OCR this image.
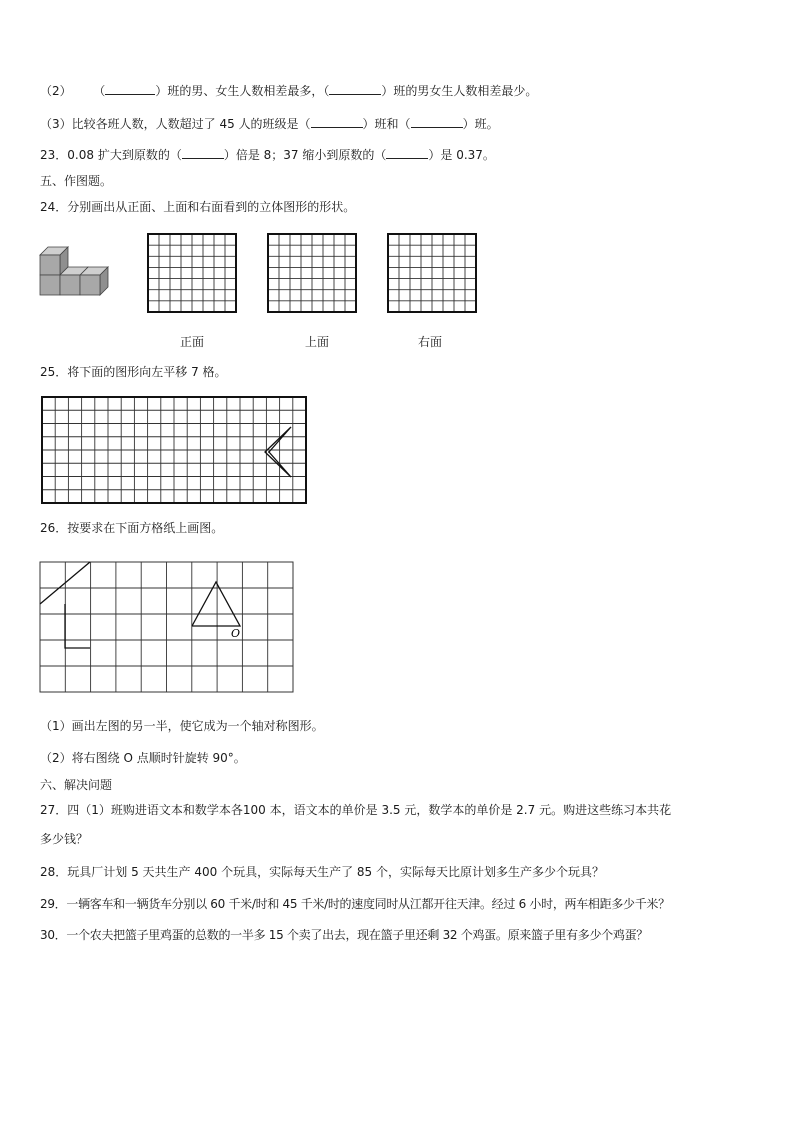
（2） （	）班的男、女生人数相差最多，（	）班的男女生人数相差最少。
（3）比较各班人数，人数超过了 45 人的班级是（	）班和（	）班。
23．0.08 扩大到原数的（	）倍是 8；37 缩小到原数的（	）是 0.37。
五、作图题。
24．分别画出从正面、上面和右面看到的立体图形的形状。
正面	上面	右面
25．将下面的图形向左平移 7 格。
26．按要求在下面方格纸上画图。
O
（1）画出左图的另一半，使它成为一个轴对称图形。
（2）将右图绕 O 点顺时针旋转 90°。
六、解决问题
27．四（1）班购进语文本和数学本各100 本，语文本的单价是 3.5 元，数学本的单价是 2.7 元。购进这些练习本共花
多少钱？
28．玩具厂计划 5 天共生产 400 个玩具，实际每天生产了 85 个，实际每天比原计划多生产多少个玩具？
29．一辆客车和一辆货车分别以 60 千米/时和 45 千米/时的速度同时从江都开往天津。经过 6 小时，两车相距多少千米？
30．一个农夫把篮子里鸡蛋的总数的一半多 15 个卖了出去，现在篮子里还剩 32 个鸡蛋。原来篮子里有多少个鸡蛋？
